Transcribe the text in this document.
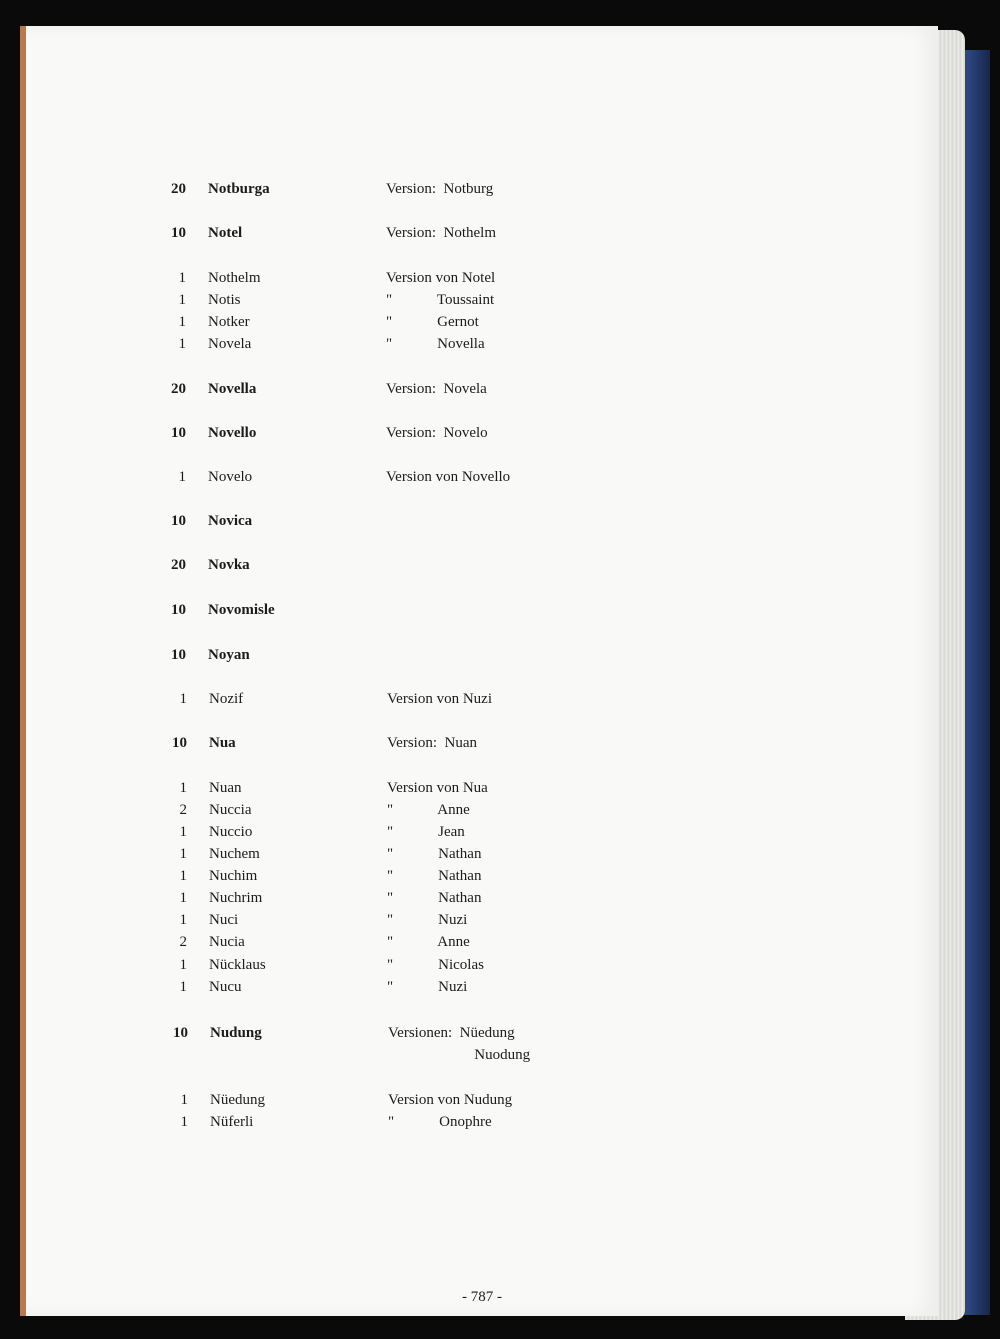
20 Notburga	Version:  Notburg
10 Notel	Version:  Nothelm
1 Nothelm	Version von Notel
1 Notis	"            Toussaint
1 Notker	"            Gernot
1 Novela	"            Novella
20 Novella	Version:  Novela
10 Novello	Version:  Novelo
1 Novelo	Version von Novello
10 Novica
20 Novka
10 Novomisle
10 Noyan
1 Nozif	Version von Nuzi
10 Nua	Version:  Nuan
1 Nuan	Version von Nua
2 Nuccia	"            Anne
1 Nuccio	"            Jean
1 Nuchem	"            Nathan
1 Nuchim	"            Nathan
1 Nuchrim	"            Nathan
1 Nuci	"            Nuzi
2 Nucia	"            Anne
1 Nücklaus	"            Nicolas
1 Nucu	"            Nuzi
10 Nudung	Versionen:  Nüedung
Nuodung
1 Nüedung	Version von Nudung
1 Nüferli	"            Onophre
- 787 -
